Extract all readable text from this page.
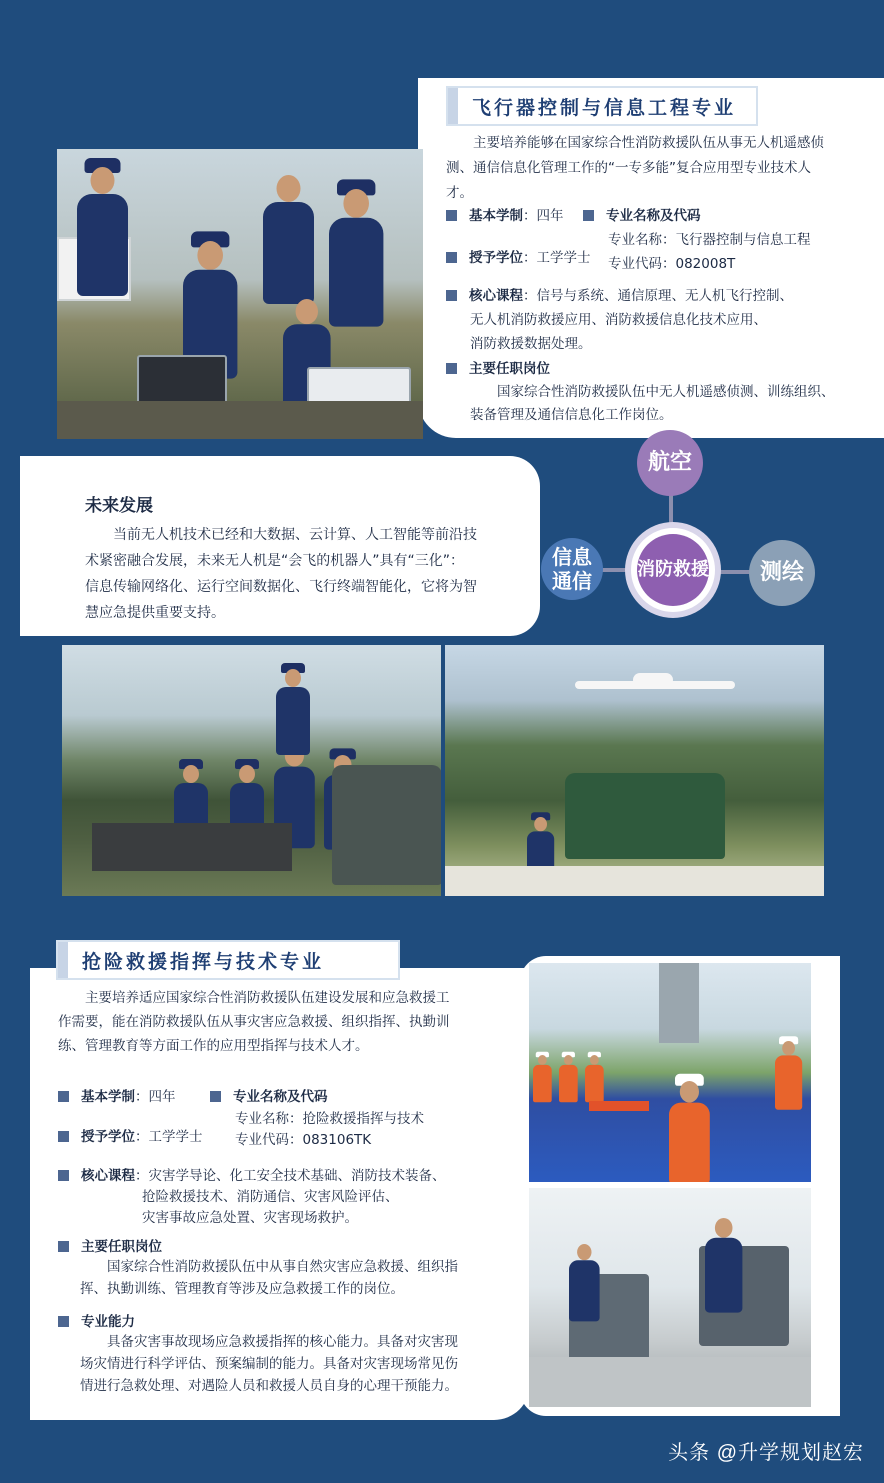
飞行器控制与信息工程专业
主要培养能够在国家综合性消防救援队伍从事无人机遥感侦测、通信信息化管理工作的“一专多能”复合应用型专业技术人才。
基本学制：四年
授予学位：工学学士
专业名称及代码
专业名称：飞行器控制与信息工程
专业代码：082008T
核心课程：信号与系统、通信原理、无人机飞行控制、
无人机消防救援应用、消防救援信息化技术应用、
消防救援数据处理。
主要任职岗位
国家综合性消防救援队伍中无人机遥感侦测、训练组织、装备管理及通信信息化工作岗位。
未来发展
当前无人机技术已经和大数据、云计算、人工智能等前沿技术紧密融合发展，未来无人机是“会飞的机器人”具有“三化”：信息传输网络化、运行空间数据化、飞行终端智能化，它将为智慧应急提供重要支持。
航空
信息通信	测绘
消防救援
抢险救援指挥与技术专业
主要培养适应国家综合性消防救援队伍建设发展和应急救援工作需要，能在消防救援队伍从事灾害应急救援、组织指挥、执勤训练、管理教育等方面工作的应用型指挥与技术人才。
基本学制：四年
授予学位：工学学士
专业名称及代码
专业名称：抢险救援指挥与技术
专业代码：083106TK
核心课程：灾害学导论、化工安全技术基础、消防技术装备、
抢险救援技术、消防通信、灾害风险评估、
灾害事故应急处置、灾害现场救护。
主要任职岗位
国家综合性消防救援队伍中从事自然灾害应急救援、组织指挥、执勤训练、管理教育等涉及应急救援工作的岗位。
专业能力
具备灾害事故现场应急救援指挥的核心能力。具备对灾害现场灾情进行科学评估、预案编制的能力。具备对灾害现场常见伤情进行急救处理、对遇险人员和救援人员自身的心理干预能力。
头条 @升学规划赵宏
